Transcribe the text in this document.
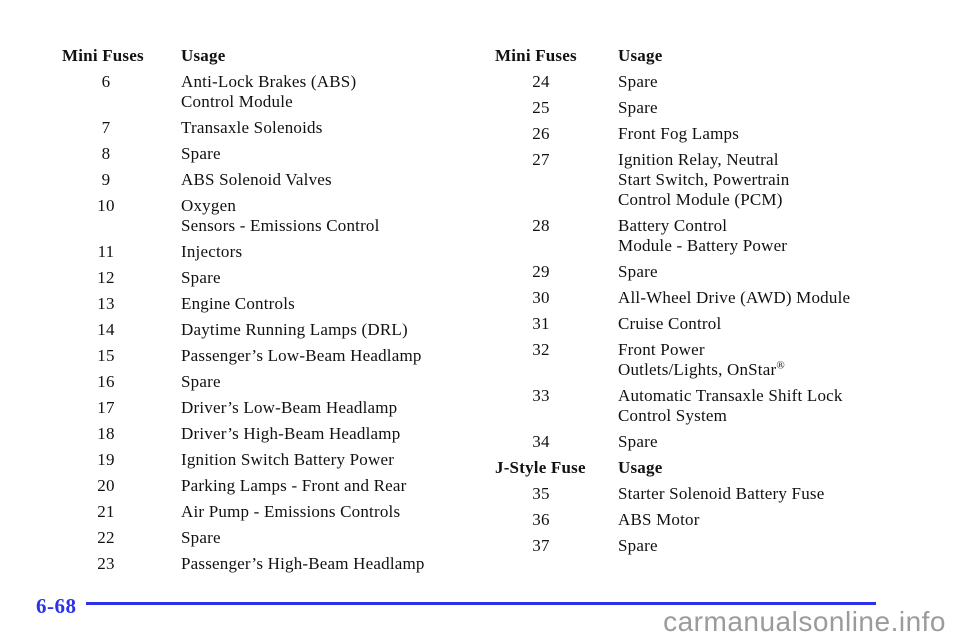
Mini Fuses	Usage
6	Anti-Lock Brakes (ABS)
Control Module
7	Transaxle Solenoids
8	Spare
9	ABS Solenoid Valves
10	Oxygen
Sensors - Emissions Control
11	Injectors
12	Spare
13	Engine Controls
14	Daytime Running Lamps (DRL)
15	Passenger’s Low-Beam Headlamp
16	Spare
17	Driver’s Low-Beam Headlamp
18	Driver’s High-Beam Headlamp
19	Ignition Switch Battery Power
20	Parking Lamps - Front and Rear
21	Air Pump - Emissions Controls
22	Spare
23	Passenger’s High-Beam Headlamp
Mini Fuses	Usage
24	Spare
25	Spare
26	Front Fog Lamps
27	Ignition Relay, Neutral
Start Switch, Powertrain
Control Module (PCM)
28	Battery Control
Module - Battery Power
29	Spare
30	All-Wheel Drive (AWD) Module
31	Cruise Control
32	Front Power
Outlets/Lights, OnStar®
33	Automatic Transaxle Shift Lock
Control System
34	Spare
J-Style Fuse Usage
35	Starter Solenoid Battery Fuse
36	ABS Motor
37	Spare
6-68	carmanualsonline.info
